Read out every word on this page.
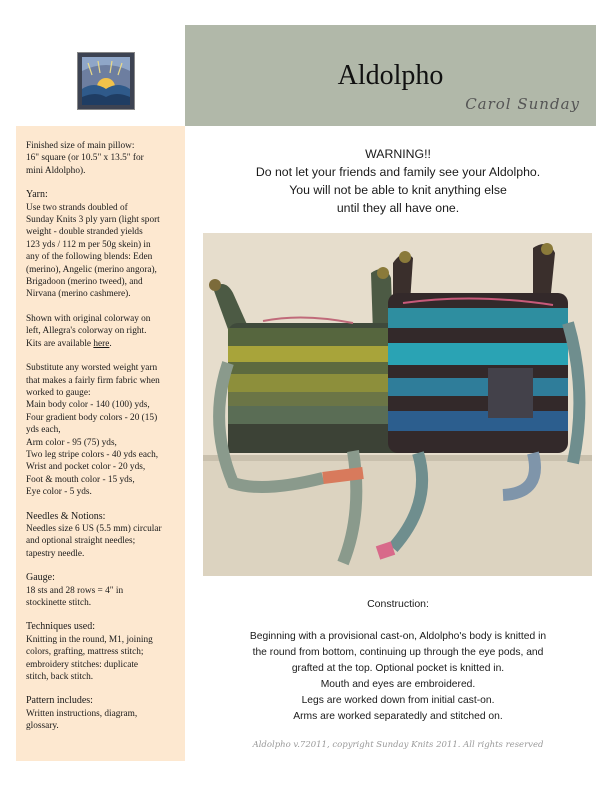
Aldolpho
Carol Sunday

Finished size of main pillow:
16" square (or 10.5" x 13.5" for
mini Aldolpho).

Yarn:
Use two strands doubled of
Sunday Knits 3 ply yarn (light sport
weight - double stranded yields
123 yds / 112 m per 50g skein) in
any of the following blends: Eden
(merino), Angelic (merino angora),
Brigadoon (merino tweed), and
Nirvana (merino cashmere).

Shown with original colorway on
left, Allegra's colorway on right.
Kits are available here.

Substitute any worsted weight yarn
that makes a fairly firm fabric when
worked to gauge:
Main body color - 140 (100) yds,
Four gradient body colors - 20 (15)
yds each,
Arm color - 95 (75) yds,
Two leg stripe colors - 40 yds each,
Wrist and pocket color - 20 yds,
Foot & mouth color - 15 yds,
Eye color - 5 yds.

Needles & Notions:
Needles size 6 US (5.5 mm) circular
and optional straight needles;
tapestry needle.

Gauge:
18 sts and 28 rows = 4" in
stockinette stitch.

Techniques used:
Knitting in the round, M1, joining
colors, grafting, mattress stitch;
embroidery stitches: duplicate
stitch, back stitch.

Pattern includes:
Written instructions, diagram,
glossary.

WARNING!!
Do not let your friends and family see your Aldolpho.
You will not be able to knit anything else
until they all have one.
Construction:
Beginning with a provisional cast-on, Aldolpho's body is knitted in
the round from bottom, continuing up through the eye pods, and
grafted at the top. Optional pocket is knitted in.
Mouth and eyes are embroidered.
Legs are worked down from initial cast-on.
Arms are worked separatedly and stitched on.
Aldolpho v.72011, copyright Sunday Knits 2011. All rights reserved
